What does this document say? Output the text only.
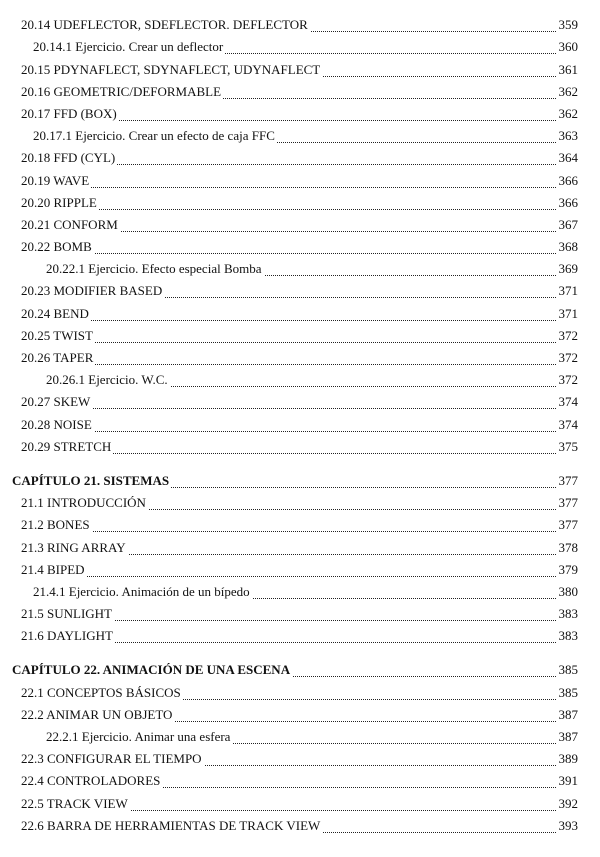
20.14 UDEFLECTOR, SDEFLECTOR. DEFLECTOR	359
20.14.1 Ejercicio. Crear un deflector	360
20.15 PDYNAFLECT, SDYNAFLECT, UDYNAFLECT	361
20.16 GEOMETRIC/DEFORMABLE	362
20.17 FFD (BOX)	362
20.17.1 Ejercicio. Crear un efecto de caja FFC	363
20.18 FFD (CYL)	364
20.19 WAVE	366
20.20 RIPPLE	366
20.21 CONFORM	367
20.22 BOMB	368
20.22.1 Ejercicio. Efecto especial Bomba	369
20.23 MODIFIER BASED	371
20.24 BEND	371
20.25 TWIST	372
20.26 TAPER	372
20.26.1 Ejercicio. W.C.	372
20.27 SKEW	374
20.28 NOISE	374
20.29 STRETCH	375
CAPÍTULO 21. SISTEMAS	377
21.1 INTRODUCCIÓN	377
21.2 BONES	377
21.3 RING ARRAY	378
21.4 BIPED	379
21.4.1 Ejercicio. Animación de un bípedo	380
21.5 SUNLIGHT	383
21.6 DAYLIGHT	383
CAPÍTULO 22. ANIMACIÓN DE UNA ESCENA	385
22.1 CONCEPTOS BÁSICOS	385
22.2 ANIMAR UN OBJETO	387
22.2.1 Ejercicio. Animar una esfera	387
22.3 CONFIGURAR EL TIEMPO	389
22.4 CONTROLADORES	391
22.5 TRACK VIEW	392
22.6 BARRA DE HERRAMIENTAS DE TRACK VIEW	393
